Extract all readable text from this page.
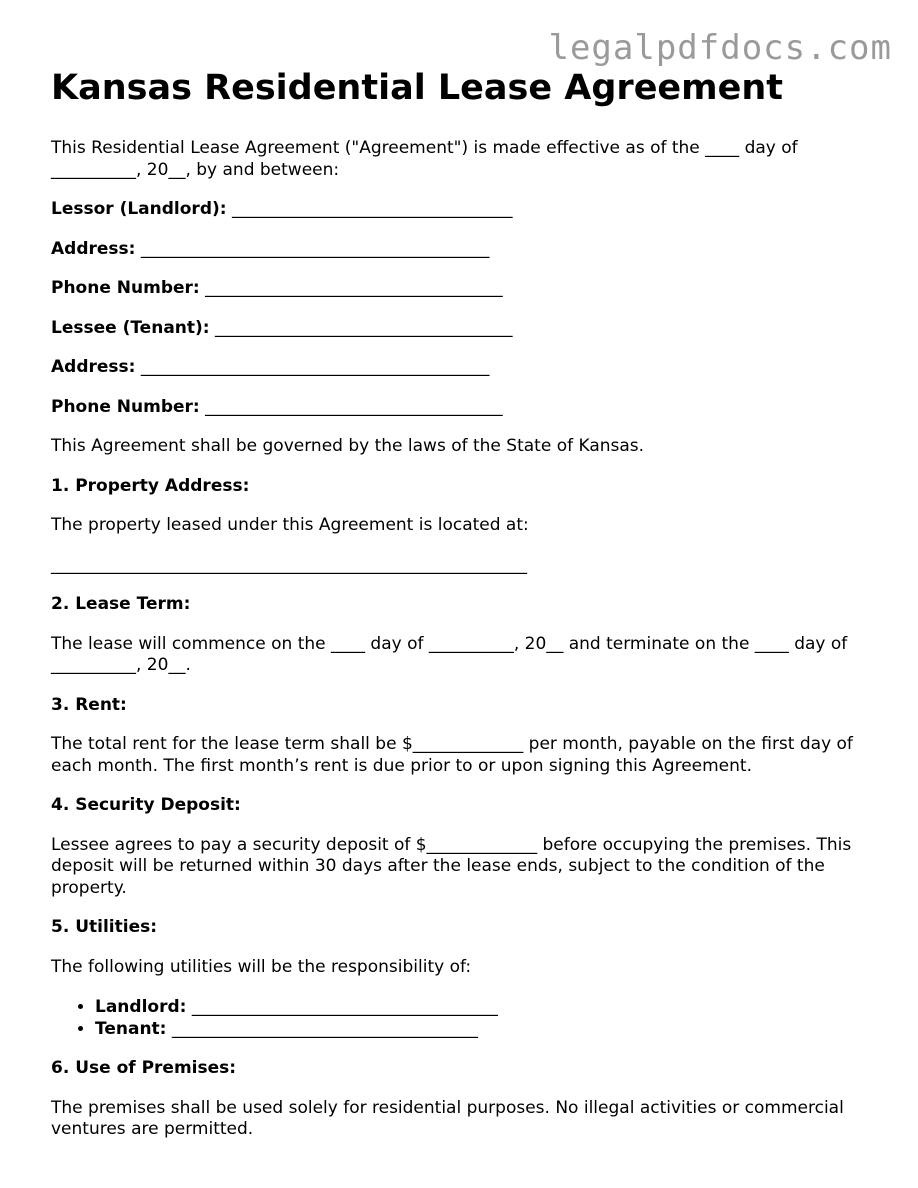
legalpdfdocs.com
Kansas Residential Lease Agreement

This Residential Lease Agreement ("Agreement") is made effective as of the ____ day of __________, 20__, by and between:

Lessor (Landlord): _________________________________

Address: _________________________________________

Phone Number: ___________________________________

Lessee (Tenant): ___________________________________

Address: _________________________________________

Phone Number: ___________________________________

This Agreement shall be governed by the laws of the State of Kansas.

1. Property Address:

The property leased under this Agreement is located at:

________________________________________________________

2. Lease Term:

The lease will commence on the ____ day of __________, 20__ and terminate on the ____ day of __________, 20__.

3. Rent:

The total rent for the lease term shall be $_____________ per month, payable on the first day of each month. The first month’s rent is due prior to or upon signing this Agreement.

4. Security Deposit:

Lessee agrees to pay a security deposit of $_____________ before occupying the premises. This deposit will be returned within 30 days after the lease ends, subject to the condition of the property.

5. Utilities:

The following utilities will be the responsibility of:

• Landlord: ____________________________________
• Tenant: ____________________________________

6. Use of Premises:

The premises shall be used solely for residential purposes. No illegal activities or commercial ventures are permitted.
